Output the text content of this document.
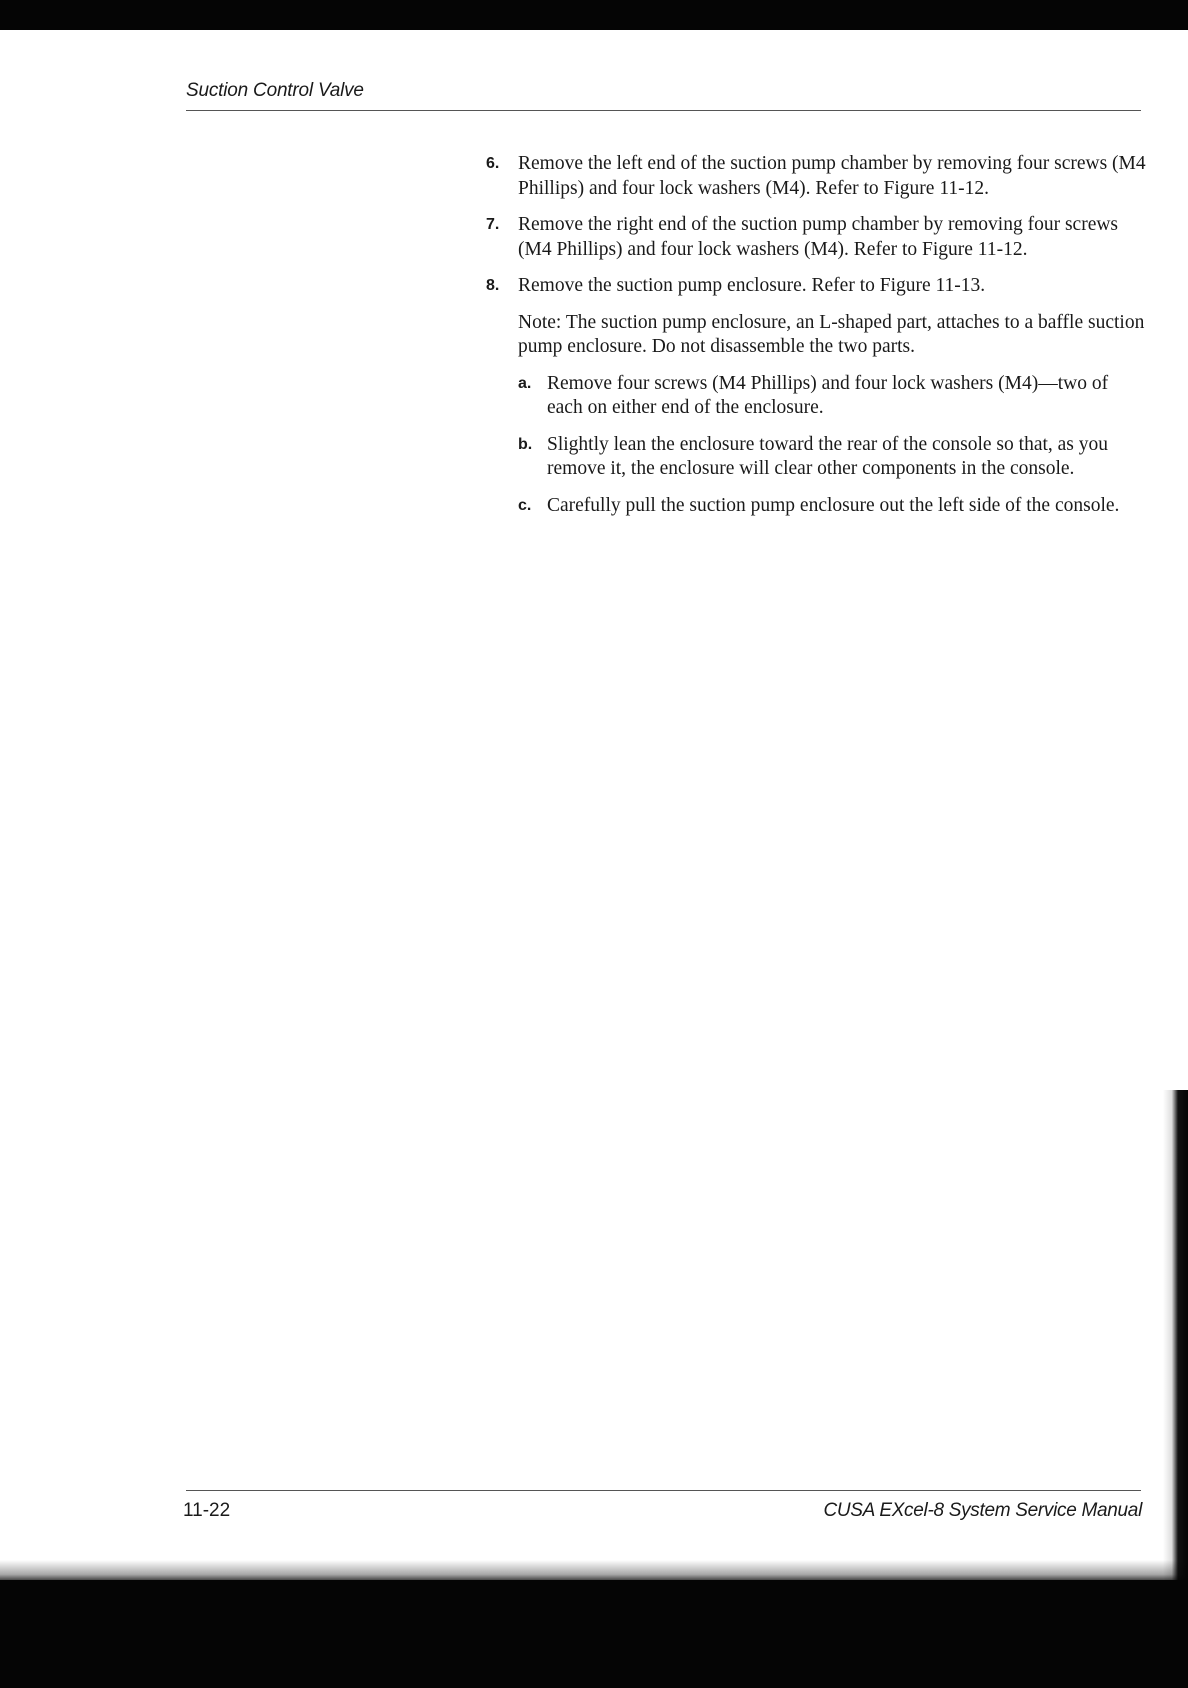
Suction Control Valve
6. Remove the left end of the suction pump chamber by removing four screws (M4 Phillips) and four lock washers (M4). Refer to Figure 11-12.
7. Remove the right end of the suction pump chamber by removing four screws (M4 Phillips) and four lock washers (M4). Refer to Figure 11-12.
8. Remove the suction pump enclosure. Refer to Figure 11-13.
Note: The suction pump enclosure, an L-shaped part, attaches to a baffle suction pump enclosure. Do not disassemble the two parts.
a. Remove four screws (M4 Phillips) and four lock washers (M4)—two of each on either end of the enclosure.
b. Slightly lean the enclosure toward the rear of the console so that, as you remove it, the enclosure will clear other components in the console.
c. Carefully pull the suction pump enclosure out the left side of the console.
11-22	CUSA EXcel-8 System Service Manual
